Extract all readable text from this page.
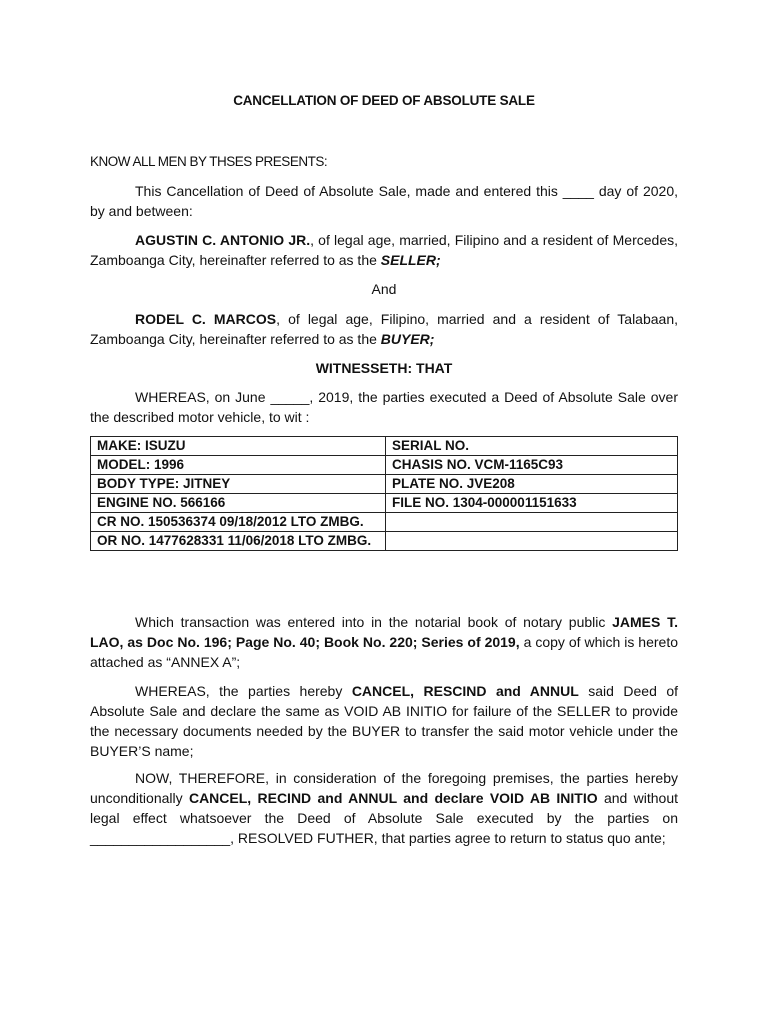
CANCELLATION OF DEED OF ABSOLUTE SALE
KNOW ALL MEN BY THSES PRESENTS:

This Cancellation of Deed of Absolute Sale, made and entered this ____ day of 2020, by and between:

AGUSTIN C. ANTONIO JR., of legal age, married, Filipino and a resident of Mercedes, Zamboanga City, hereinafter referred to as the SELLER;

And

RODEL C. MARCOS, of legal age, Filipino, married and a resident of Talabaan, Zamboanga City, hereinafter referred to as the BUYER;

WITNESSETH: THAT

WHEREAS, on June _____, 2019, the parties executed a Deed of Absolute Sale over the described motor vehicle, to wit :

MAKE: ISUZU	SERIAL NO.
MODEL: 1996	CHASIS NO. VCM-1165C93
BODY TYPE: JITNEY	PLATE NO. JVE208
ENGINE NO. 566166	FILE NO. 1304-000001151633
CR NO. 150536374 09/18/2012 LTO ZMBG.	
OR NO. 1477628331 11/06/2018 LTO ZMBG.	

Which transaction was entered into in the notarial book of notary public JAMES T. LAO, as Doc No. 196; Page No. 40; Book No. 220; Series of 2019, a copy of which is hereto attached as “ANNEX A”;

WHEREAS, the parties hereby CANCEL, RESCIND and ANNUL said Deed of Absolute Sale and declare the same as VOID AB INITIO for failure of the SELLER to provide the necessary documents needed by the BUYER to transfer the said motor vehicle under the BUYER’S name;

NOW, THEREFORE, in consideration of the foregoing premises, the parties hereby unconditionally CANCEL, RECIND and ANNUL and declare VOID AB INITIO and without legal effect whatsoever the Deed of Absolute Sale executed by the parties on __________________, RESOLVED FUTHER, that parties agree to return to status quo ante;
